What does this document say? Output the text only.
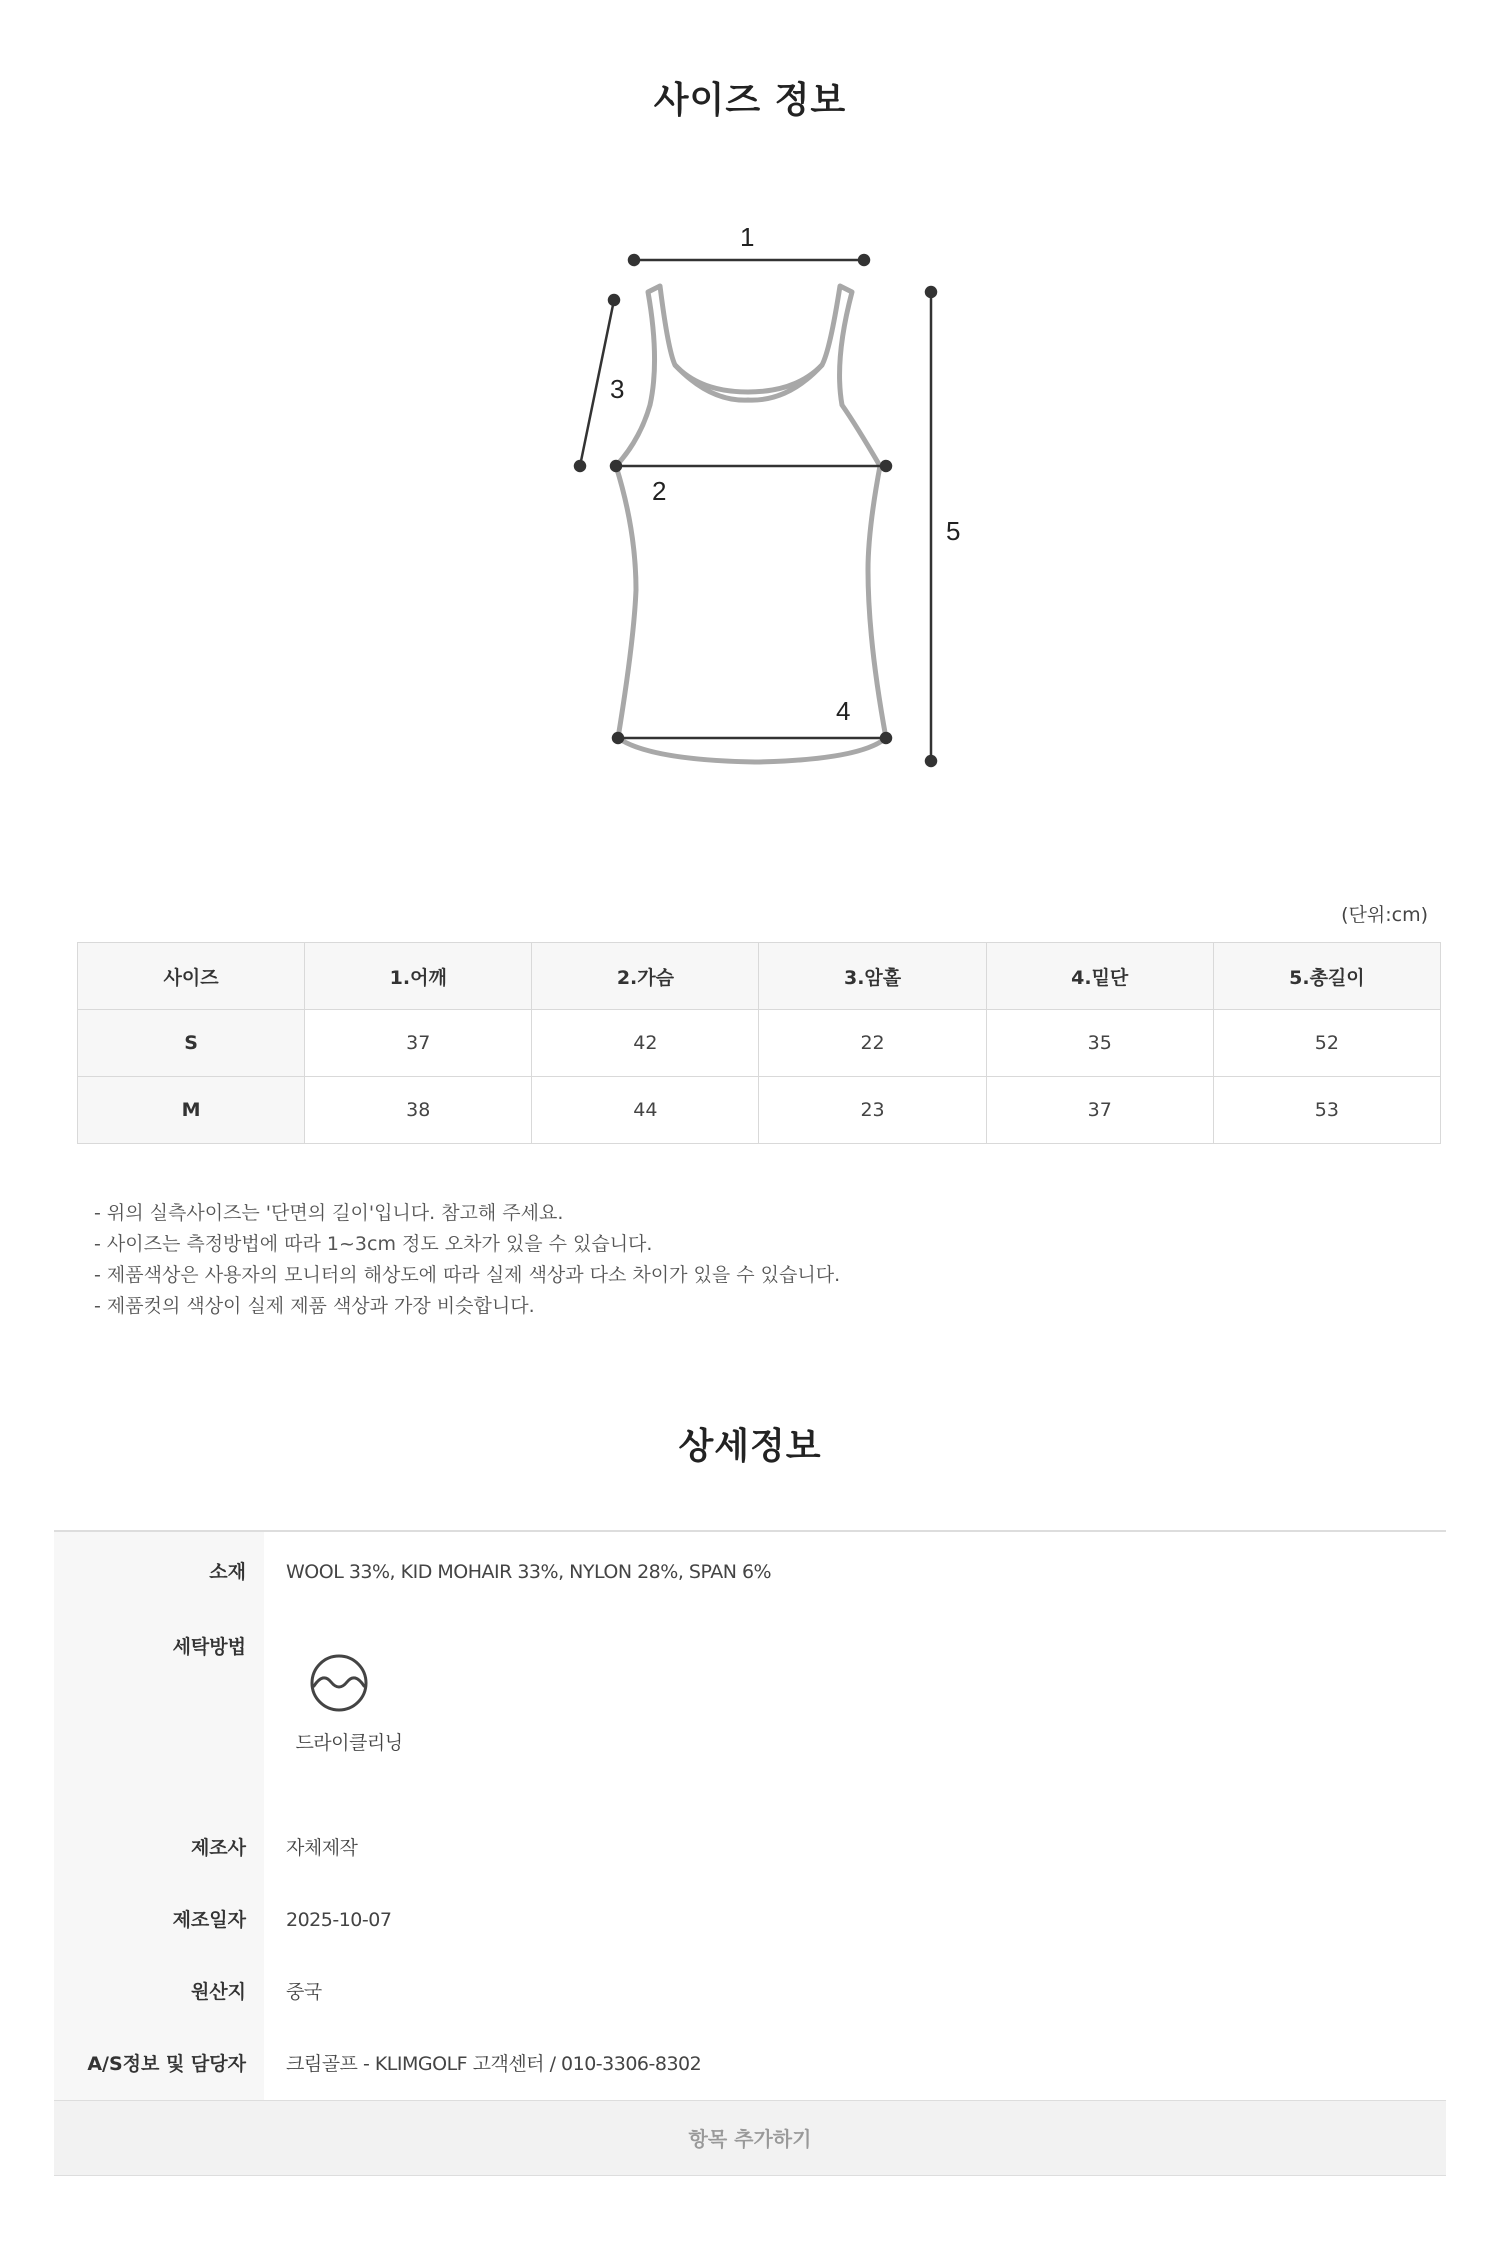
사이즈 정보
1
2
3
4
5
(단위:cm)
사이즈	1.어깨	2.가슴	3.암홀	4.밑단	5.총길이
S	37	42	22	35	52
M	38	44	23	37	53
- 위의 실측사이즈는 '단면의 길이'입니다. 참고해 주세요.
- 사이즈는 측정방법에 따라 1~3cm 정도 오차가 있을 수 있습니다.
- 제품색상은 사용자의 모니터의 해상도에 따라 실제 색상과 다소 차이가 있을 수 있습니다.
- 제품컷의 색상이 실제 제품 색상과 가장 비슷합니다.
상세정보
소재	WOOL 33%, KID MOHAIR 33%, NYLON 28%, SPAN 6%
세탁방법
드라이클리닝
제조사	자체제작
제조일자	2025-10-07
원산지	중국
A/S정보 및 담당자	크림골프 - KLIMGOLF 고객센터 / 010-3306-8302
항목 추가하기
